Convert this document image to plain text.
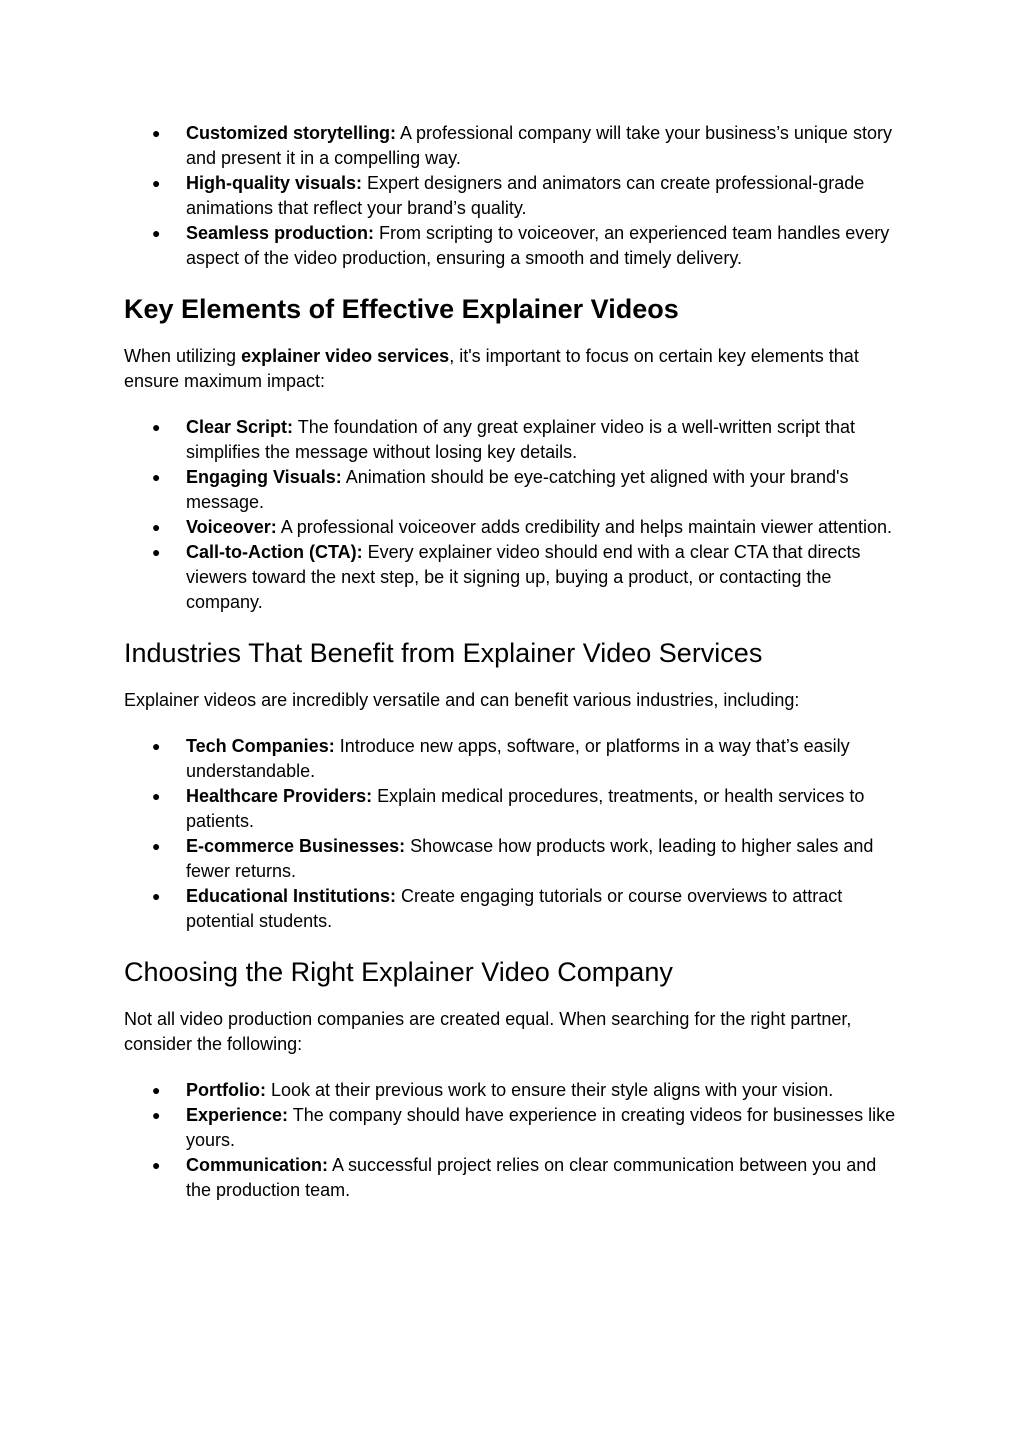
● Customized storytelling: A professional company will take your business’s unique story and present it in a compelling way.
● High-quality visuals: Expert designers and animators can create professional-grade animations that reflect your brand’s quality.
● Seamless production: From scripting to voiceover, an experienced team handles every aspect of the video production, ensuring a smooth and timely delivery.
Key Elements of Effective Explainer Videos

When utilizing explainer video services, it's important to focus on certain key elements that ensure maximum impact:

● Clear Script: The foundation of any great explainer video is a well-written script that simplifies the message without losing key details.
● Engaging Visuals: Animation should be eye-catching yet aligned with your brand's message.
● Voiceover: A professional voiceover adds credibility and helps maintain viewer attention.
● Call-to-Action (CTA): Every explainer video should end with a clear CTA that directs viewers toward the next step, be it signing up, buying a product, or contacting the company.
Industries That Benefit from Explainer Video Services

Explainer videos are incredibly versatile and can benefit various industries, including:

● Tech Companies: Introduce new apps, software, or platforms in a way that’s easily understandable.
● Healthcare Providers: Explain medical procedures, treatments, or health services to patients.
● E-commerce Businesses: Showcase how products work, leading to higher sales and fewer returns.
● Educational Institutions: Create engaging tutorials or course overviews to attract potential students.
Choosing the Right Explainer Video Company

Not all video production companies are created equal. When searching for the right partner, consider the following:

● Portfolio: Look at their previous work to ensure their style aligns with your vision.
● Experience: The company should have experience in creating videos for businesses like yours.
● Communication: A successful project relies on clear communication between you and the production team.
